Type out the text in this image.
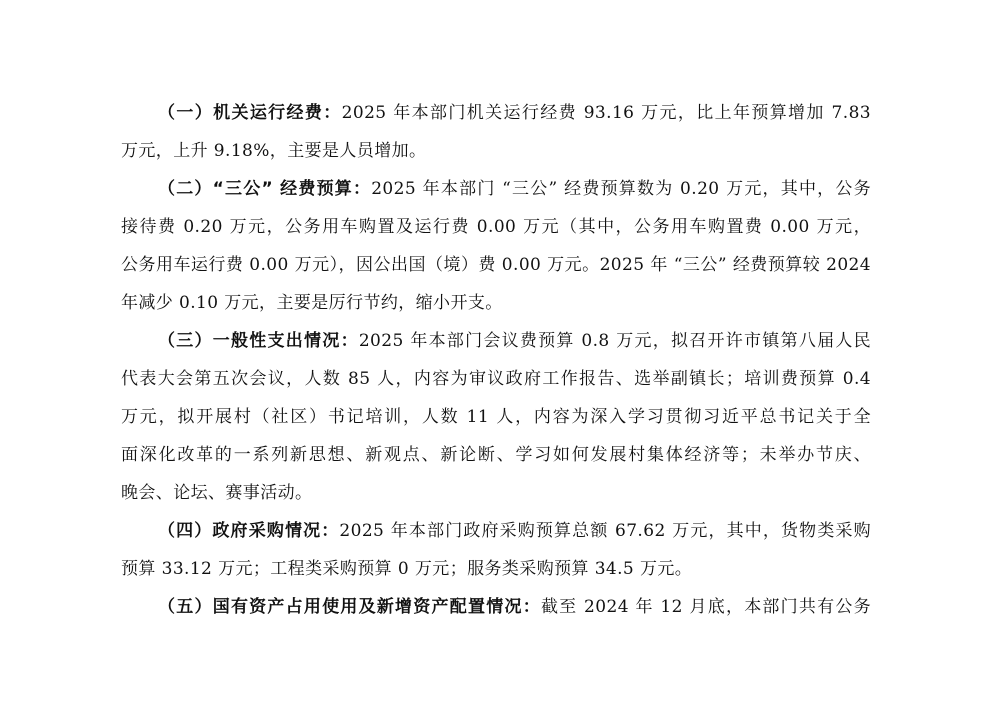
（一）机关运行经费：2025 年本部门机关运行经费 93.16 万元，比上年预算增加 7.83
万元，上升 9.18%，主要是人员增加。
（二）“三公” 经费预算：2025 年本部门 “三公” 经费预算数为 0.20 万元，其中，公务
接待费 0.20 万元，公务用车购置及运行费 0.00 万元（其中，公务用车购置费 0.00 万元，
公务用车运行费 0.00 万元），因公出国（境）费 0.00 万元。2025 年 “三公” 经费预算较 2024
年减少 0.10 万元，主要是厉行节约，缩小开支。
（三）一般性支出情况：2025 年本部门会议费预算 0.8 万元，拟召开许市镇第八届人民
代表大会第五次会议，人数 85 人，内容为审议政府工作报告、选举副镇长；培训费预算 0.4
万元，拟开展村（社区）书记培训，人数 11 人，内容为深入学习贯彻习近平总书记关于全
面深化改革的一系列新思想、新观点、新论断、学习如何发展村集体经济等；未举办节庆、
晚会、论坛、赛事活动。
（四）政府采购情况：2025 年本部门政府采购预算总额 67.62 万元，其中，货物类采购
预算 33.12 万元；工程类采购预算 0 万元；服务类采购预算 34.5 万元。
（五）国有资产占用使用及新增资产配置情况：截至 2024 年 12 月底，本部门共有公务
